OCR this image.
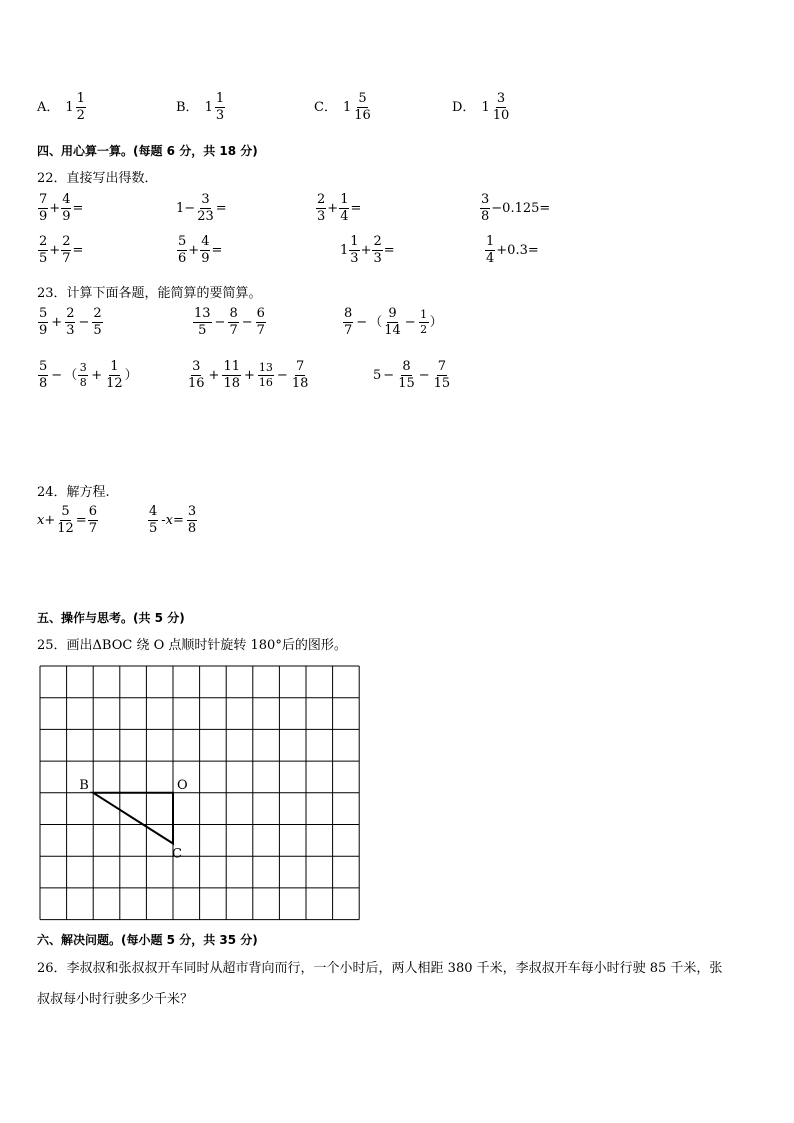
A． $1 \frac{1}{2}$	B． $1 \frac{1}{3}$	C． $1 \frac{5}{16}$	D． $1 \frac{3}{10}$
四、用心算一算。(每题 6 分，共 18 分)
22．直接写出得数．
$\frac{7}{9} + \frac{4}{9}$ =	$1 - \frac{3}{23}$ =	$\frac{2}{3} + \frac{1}{4}$ =	$\frac{3}{8} -0.125=$
$\frac{2}{5} + \frac{2}{7}$ =	$\frac{5}{6} + \frac{4}{9}$ =	$1 \frac{1}{3} + \frac{2}{3}$ =	$\frac{1}{4} +0.3=$
23．计算下面各题，能简算的要简算。
$\frac{5}{9} + \frac{2}{3} - \frac{2}{5}$	$\frac{13}{5} - \frac{8}{7} - \frac{6}{7}$	$\frac{8}{7}$ − （ $\frac{9}{14} - \frac{1}{2}$ ）
$\frac{5}{8}$ − （ $\frac{3}{8} + \frac{1}{12}$ ）	$\frac{3}{16} + \frac{11}{18} + \frac{13}{16} - \frac{7}{18}$	$5 - \frac{8}{15} - \frac{7}{15}$
24．解方程.
$x+ \frac{5}{12} = \frac{6}{7}$	$\frac{4}{5} -x= \frac{3}{8}$
五、操作与思考。(共 5 分)
25．画出ΔBOC 绕 O 点顺时针旋转 180°后的图形。
B	O
C
六、解决问题。(每小题 5 分，共 35 分)
26．李叔叔和张叔叔开车同时从超市背向而行，一个小时后，两人相距 380 千米，李叔叔开车每小时行驶 85 千米，张
叔叔每小时行驶多少千米？
